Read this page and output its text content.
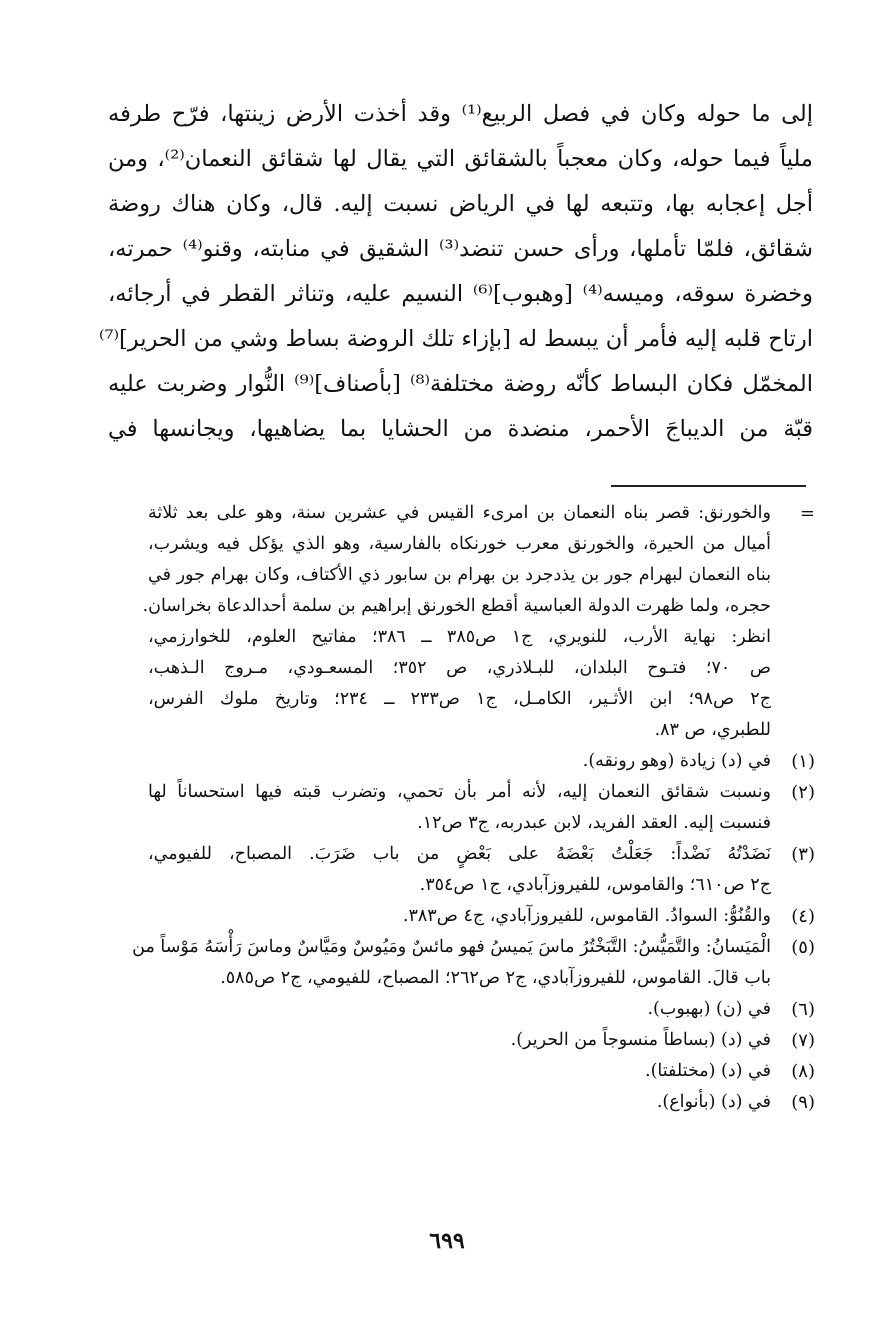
إلى ما حوله وكان في فصل الربيع⁽¹⁾ وقد أخذت الأرض زينتها، فرّح طرفه
ملياً فيما حوله، وكان معجباً بالشقائق التي يقال لها شقائق النعمان⁽²⁾، ومن
أجل إعجابه بها، وتتبعه لها في الرياض نسبت إليه. قال، وكان هناك روضة
شقائق، فلمّا تأملها، ورأى حسن تنضد⁽³⁾ الشقيق في منابته، وقنو⁽⁴⁾ حمرته،
وخضرة سوقه، وميسه⁽⁴⁾ [وهبوب]⁽⁶⁾ النسيم عليه، وتناثر القطر في أرجائه،
ارتاح قلبه إليه فأمر أن يبسط له [بإزاء تلك الروضة بساط وشي من الحرير]⁽⁷⁾
المخمّل فكان البساط كأنّه روضة مختلفة⁽⁸⁾ [بأصناف]⁽⁹⁾ النُّوار وضربت عليه
قبّة من الديباجَ الأحمر، منضدة من الحشايا بما يضاهيها، ويجانسها في
=
والخورنق: قصر بناه النعمان بن امرىء القيس في عشرين سنة، وهو على بعد ثلاثة
أميال من الحيرة، والخورنق معرب خورنكاه بالفارسية، وهو الذي يؤكل فيه ويشرب،
بناه النعمان لبهرام جور بن يذدجرد بن بهرام بن سابور ذي الأكتاف، وكان بهرام جور في
حجره، ولما ظهرت الدولة العباسية أقطع الخورنق إبراهيم بن سلمة أحدالدعاة بخراسان.
انظر: نهاية الأرب، للنويري، ج١ ص٣٨٥ ــ ٣٨٦؛ مفاتيح العلوم، للخوارزمي،
ص ٧٠؛ فتـوح البلدان، للبـلاذري، ص ٣٥٢؛ المسعـودي، مـروج الـذهب،
ج٢ ص٩٨؛ ابن الأثـير، الكامـل، ج١ ص٢٣٣ ــ ٢٣٤؛ وتاريخ ملوك الفرس،
للطبري، ص ٨٣.
(١)
في (د) زيادة (وهو رونقه).
(٢)
ونسبت شقائق النعمان إليه، لأنه أمر بأن تحمي، وتضرب قبته فيها استحساناً لها
فنسبت إليه. العقد الفريد، لابن عبدربه، ج٣ ص١٢.
(٣)
نَضَدْتُهُ نَضْداً: جَعَلْتُ بَعْضَهُ على بَعْضٍ من باب ضَرَبَ. المصباح، للفيومي،
ج٢ ص٦١٠؛ والقاموس، للفيروزآبادي، ج١ ص٣٥٤.
(٤)
والقُنُوُّ: السوادُ. القاموس، للفيروزآبادي، ج٤ ص٣٨٣.
(٥)
الْمَيَسانُ: والتَّمَيُّسُ: التَّبَخْتُرُ ماسَ يَميسُ فهو مائسٌ ومَيُوسٌ ومَيَّاسٌ وماسَ رَأْسَهُ مَوْساً من
باب قالَ. القاموس، للفيروزآبادي، ج٢ ص٢٦٢؛ المصباح، للفيومي، ج٢ ص٥٨٥.
(٦)
في (ن) (بهبوب).
(٧)
في (د) (بساطاً منسوجاً من الحرير).
(٨)
في (د) (مختلفتا).
(٩)
في (د) (بأنواع).
٦٩٩
